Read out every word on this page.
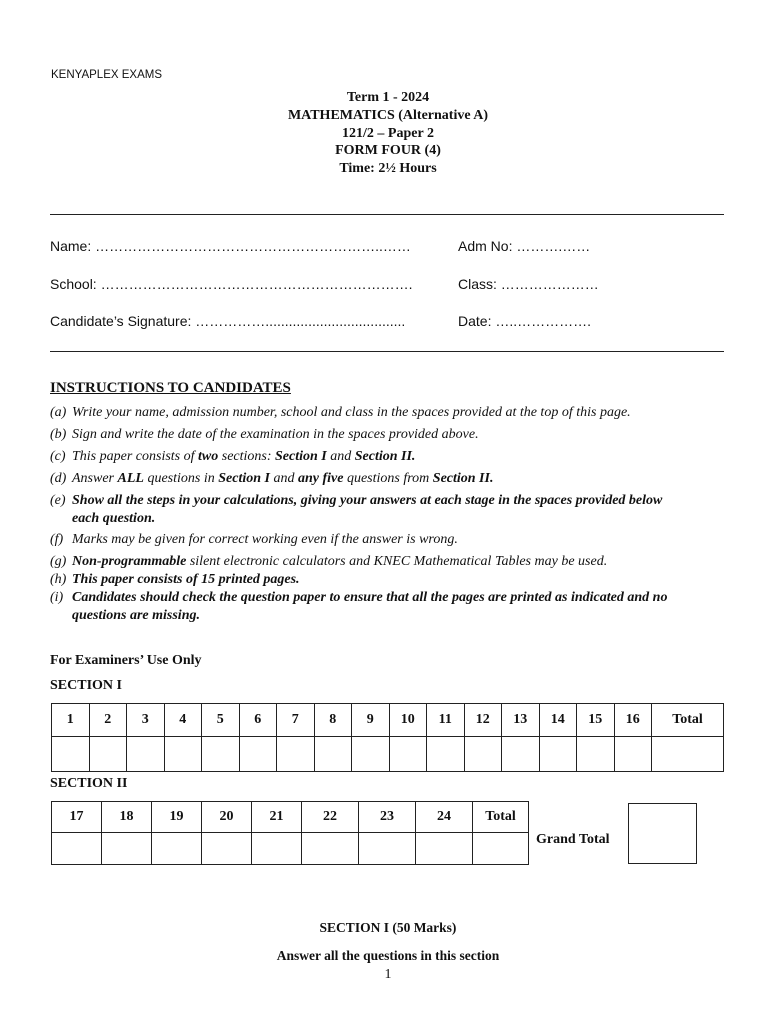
KENYAPLEX EXAMS
Term 1 - 2024
MATHEMATICS (Alternative A)
121/2 – Paper 2
FORM FOUR (4)
Time: 2½ Hours
Name: ……………………………………………………..……	Adm No: ……….……
School: ………………………………………………………….	Class: …………………
Candidate’s Signature: ……………....................................	Date: …..…………….
INSTRUCTIONS TO CANDIDATES
(a) Write your name, admission number, school and class in the spaces provided at the top of this page.
(b) Sign and write the date of the examination in the spaces provided above.
(c) This paper consists of two sections: Section I and Section II.
(d) Answer ALL questions in Section I and any five questions from Section II.
(e) Show all the steps in your calculations, giving your answers at each stage in the spaces provided below
each question.
(f) Marks may be given for correct working even if the answer is wrong.
(g) Non-programmable silent electronic calculators and KNEC Mathematical Tables may be used.
(h) This paper consists of 15 printed pages.
(i) Candidates should check the question paper to ensure that all the pages are printed as indicated and no
questions are missing.
For Examiners’ Use Only
SECTION I
1	2	3	4	5	6	7	8	9	10	11	12	13	14	15	16	Total

SECTION II
17	18	19	20	21	22	23	24	Total

Grand Total
SECTION I (50 Marks)
Answer all the questions in this section
1
